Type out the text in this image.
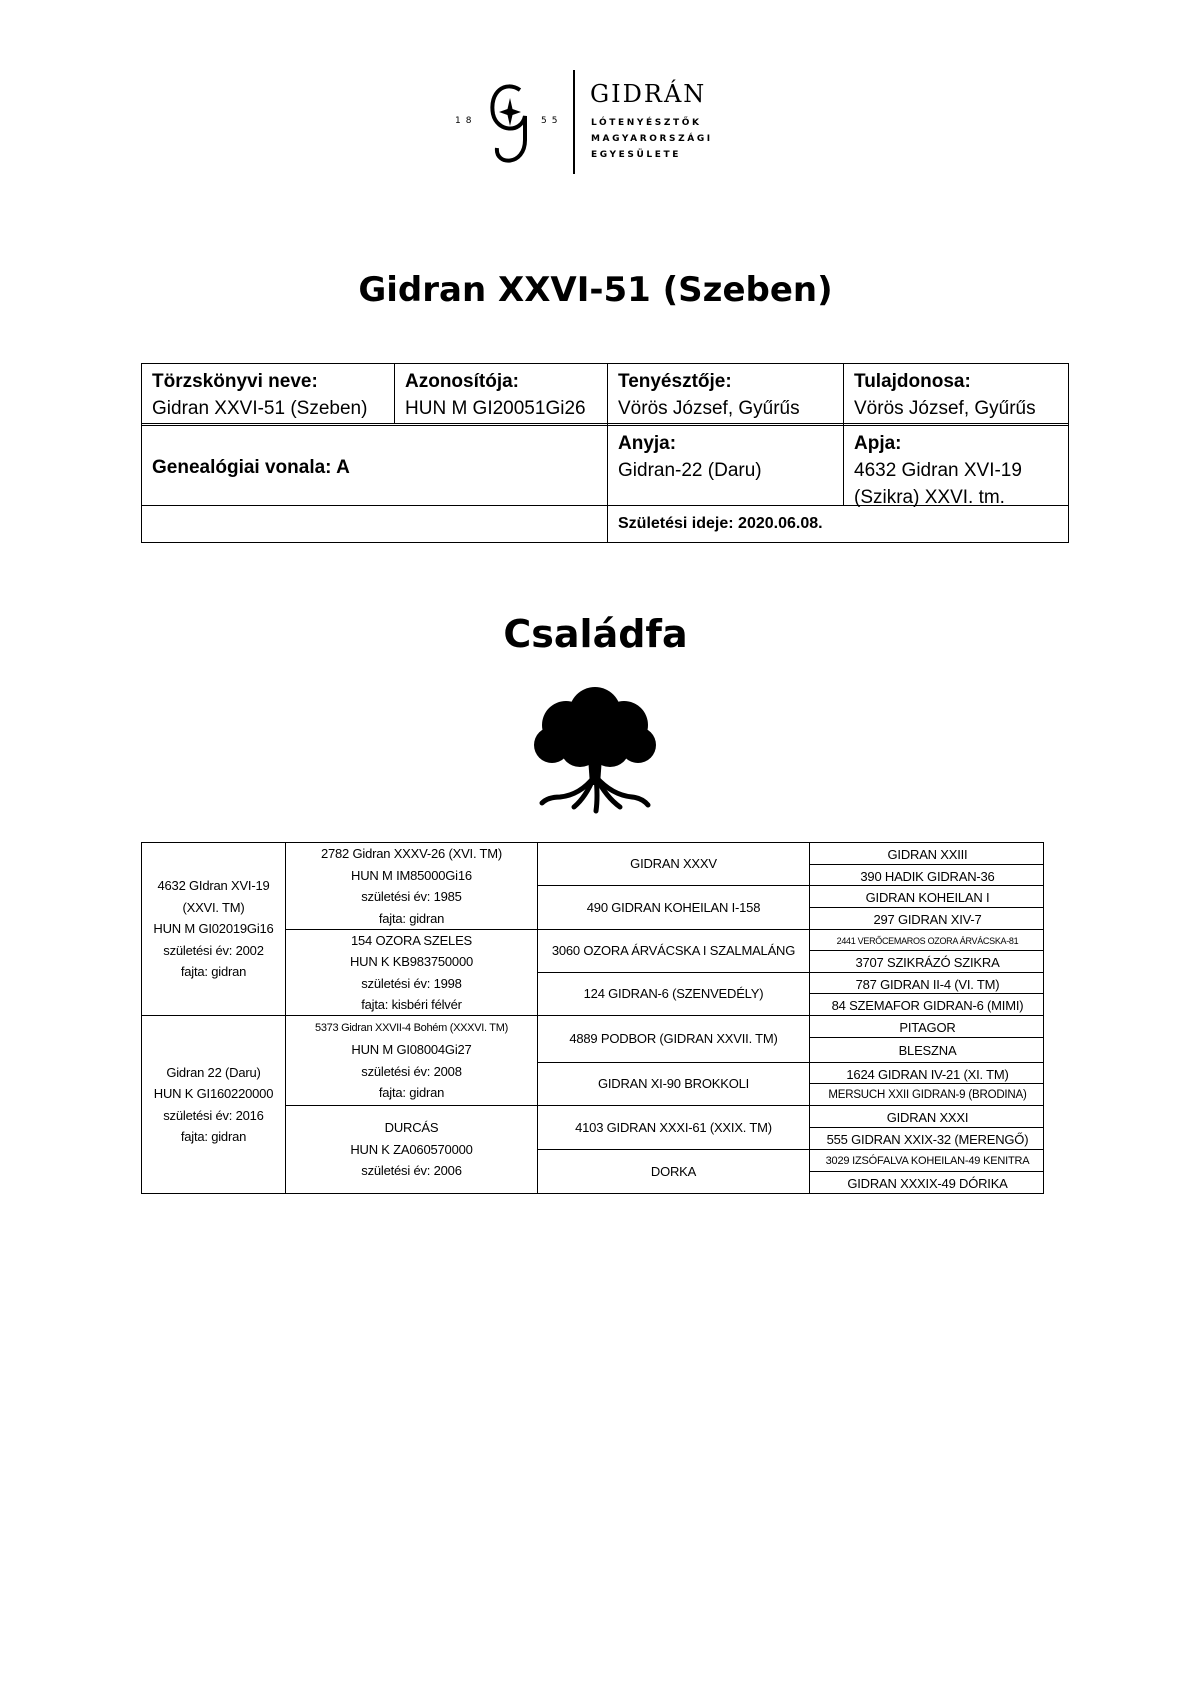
18	55
GIDRÁN
LÓTENYÉSZTŐK
MAGYARORSZÁGI
EGYESÜLETE
Gidran XXVI-51 (Szeben)
Törzskönyvi neve:
Gidran XXVI-51 (Szeben)
Azonosítója:
HUN M GI20051Gi26
Tenyésztője:
Vörös József, Gyűrűs
Tulajdonosa:
Vörös József, Gyűrűs
Genealógiai vonala: A
Anyja:
Gidran-22 (Daru)
Apja:
4632 Gidran XVI-19
(Szikra) XXVI. tm.
Születési ideje: 2020.06.08.
Családfa
4632 GIdran XVI-19
(XXVI. TM)
HUN M GI02019Gi16
születési év: 2002
fajta: gidran
Gidran 22 (Daru)
HUN K GI160220000
születési év: 2016
fajta: gidran
2782 Gidran XXXV-26 (XVI. TM)
HUN M IM85000Gi16
születési év: 1985
fajta: gidran
154 OZORA SZELES
HUN K KB983750000
születési év: 1998
fajta: kisbéri félvér
5373 Gidran XXVII-4 Bohém (XXXVI. TM)
HUN M GI08004Gi27
születési év: 2008
fajta: gidran
DURCÁS
HUN K ZA060570000
születési év: 2006
GIDRAN XXXV
490 GIDRAN KOHEILAN I-158
3060 OZORA ÁRVÁCSKA I SZALMALÁNG
124 GIDRAN-6 (SZENVEDÉLY)
4889 PODBOR (GIDRAN XXVII. TM)
GIDRAN XI-90 BROKKOLI
4103 GIDRAN XXXI-61 (XXIX. TM)
DORKA
GIDRAN XXIII
390 HADIK GIDRAN-36
GIDRAN KOHEILAN I
297 GIDRAN XIV-7
2441 VERŐCEMAROS OZORA ÁRVÁCSKA-81
3707 SZIKRÁZÓ SZIKRA
787 GIDRAN II-4 (VI. TM)
84 SZEMAFOR GIDRAN-6 (MIMI)
PITAGOR
BLESZNA
1624 GIDRAN IV-21 (XI. TM)
MERSUCH XXII GIDRAN-9 (BRODINA)
GIDRAN XXXI
555 GIDRAN XXIX-32 (MERENGŐ)
3029 IZSÓFALVA KOHEILAN-49 KENITRA
GIDRAN XXXIX-49 DÓRIKA
